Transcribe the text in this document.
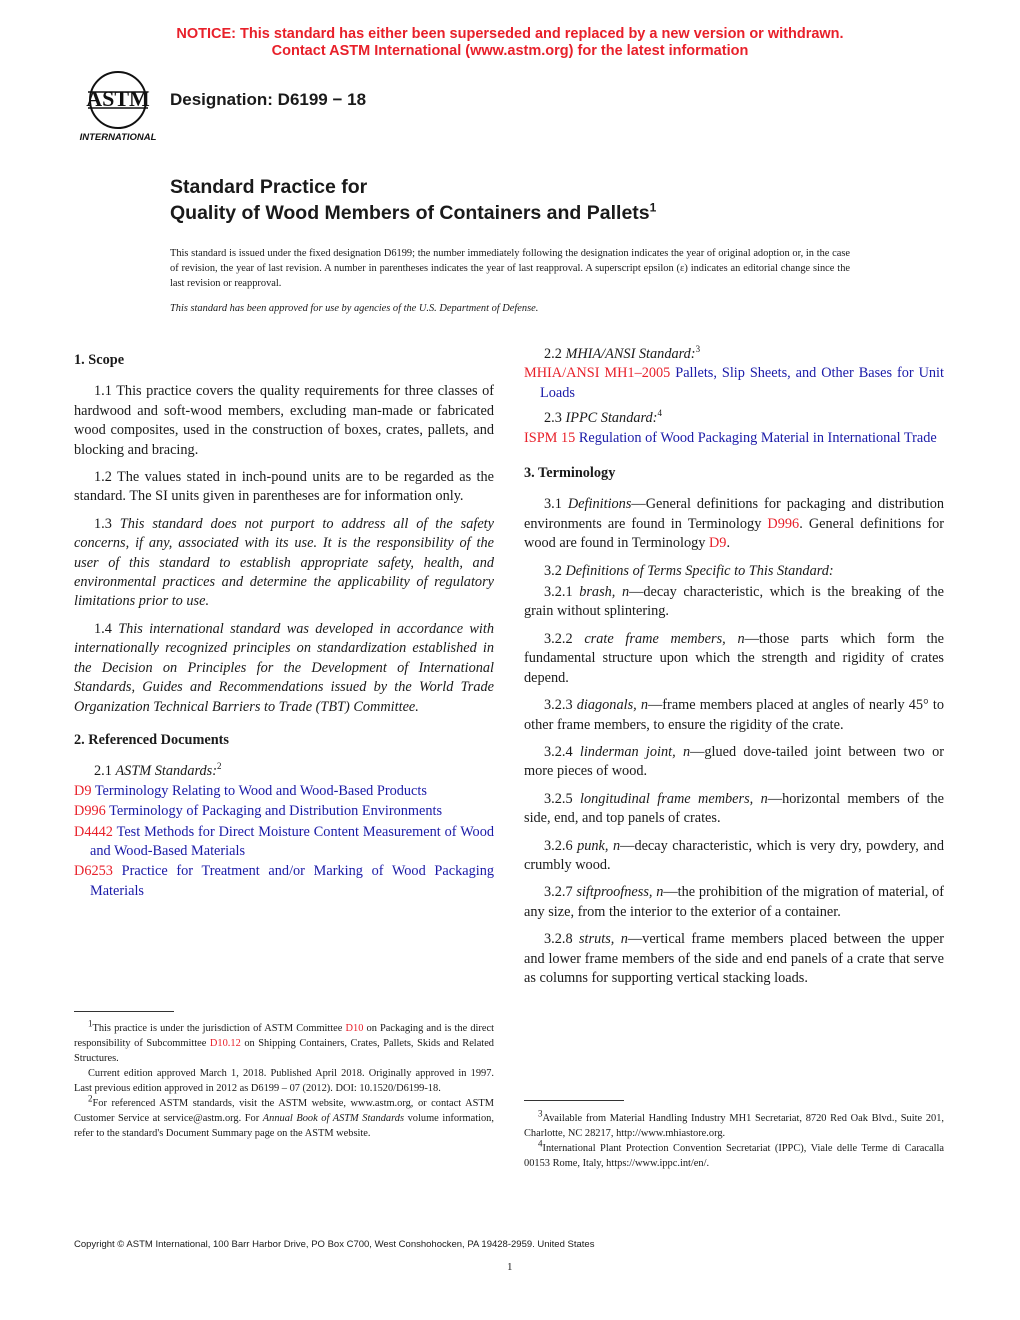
NOTICE: This standard has either been superseded and replaced by a new version or withdrawn.
Contact ASTM International (www.astm.org) for the latest information
ASTM
INTERNATIONAL
Designation: D6199 − 18
Standard Practice for
Quality of Wood Members of Containers and Pallets$^1$
This standard is issued under the fixed designation D6199; the number immediately following the designation indicates the year of original adoption or, in the case of revision, the year of last revision. A number in parentheses indicates the year of last reapproval. A superscript epsilon (ε) indicates an editorial change since the last revision or reapproval.
This standard has been approved for use by agencies of the U.S. Department of Defense.

1. Scope

1.1 This practice covers the quality requirements for three classes of hardwood and soft-wood members, excluding man-made or fabricated wood composites, used in the construction of boxes, crates, pallets, and blocking and bracing.

1.2 The values stated in inch-pound units are to be regarded as the standard. The SI units given in parentheses are for information only.

1.3 This standard does not purport to address all of the safety concerns, if any, associated with its use. It is the responsibility of the user of this standard to establish appropriate safety, health, and environmental practices and determine the applicability of regulatory limitations prior to use.

1.4 This international standard was developed in accordance with internationally recognized principles on standardization established in the Decision on Principles for the Development of International Standards, Guides and Recommendations issued by the World Trade Organization Technical Barriers to Trade (TBT) Committee.

2. Referenced Documents

2.1 ASTM Standards:$^2$

D9 Terminology Relating to Wood and Wood-Based Products

D996 Terminology of Packaging and Distribution Environments

D4442 Test Methods for Direct Moisture Content Measurement of Wood and Wood-Based Materials

D6253 Practice for Treatment and/or Marking of Wood Packaging Materials

2.2 MHIA/ANSI Standard:$^3$

MHIA/ANSI MH1–2005 Pallets, Slip Sheets, and Other Bases for Unit Loads

2.3 IPPC Standard:$^4$

ISPM 15 Regulation of Wood Packaging Material in International Trade

3. Terminology

3.1 Definitions—General definitions for packaging and distribution environments are found in Terminology D996. General definitions for wood are found in Terminology D9.

3.2 Definitions of Terms Specific to This Standard:

3.2.1 brash, n—decay characteristic, which is the breaking of the grain without splintering.

3.2.2 crate frame members, n—those parts which form the fundamental structure upon which the strength and rigidity of crates depend.

3.2.3 diagonals, n—frame members placed at angles of nearly 45° to other frame members, to ensure the rigidity of the crate.

3.2.4 linderman joint, n—glued dove-tailed joint between two or more pieces of wood.

3.2.5 longitudinal frame members, n—horizontal members of the side, end, and top panels of crates.

3.2.6 punk, n—decay characteristic, which is very dry, powdery, and crumbly wood.

3.2.7 siftproofness, n—the prohibition of the migration of material, of any size, from the interior to the exterior of a container.

3.2.8 struts, n—vertical frame members placed between the upper and lower frame members of the side and end panels of a crate that serve as columns for supporting vertical stacking loads.

$^1$This practice is under the jurisdiction of ASTM Committee D10 on Packaging and is the direct responsibility of Subcommittee D10.12 on Shipping Containers, Crates, Pallets, Skids and Related Structures.

Current edition approved March 1, 2018. Published April 2018. Originally approved in 1997. Last previous edition approved in 2012 as D6199 – 07 (2012). DOI: 10.1520/D6199-18.

$^2$For referenced ASTM standards, visit the ASTM website, www.astm.org, or contact ASTM Customer Service at service@astm.org. For Annual Book of ASTM Standards volume information, refer to the standard's Document Summary page on the ASTM website.

$^3$Available from Material Handling Industry MH1 Secretariat, 8720 Red Oak Blvd., Suite 201, Charlotte, NC 28217, http://www.mhiastore.org.

$^4$International Plant Protection Convention Secretariat (IPPC), Viale delle Terme di Caracalla 00153 Rome, Italy, https://www.ippc.int/en/.

Copyright © ASTM International, 100 Barr Harbor Drive, PO Box C700, West Conshohocken, PA 19428-2959. United States
1
